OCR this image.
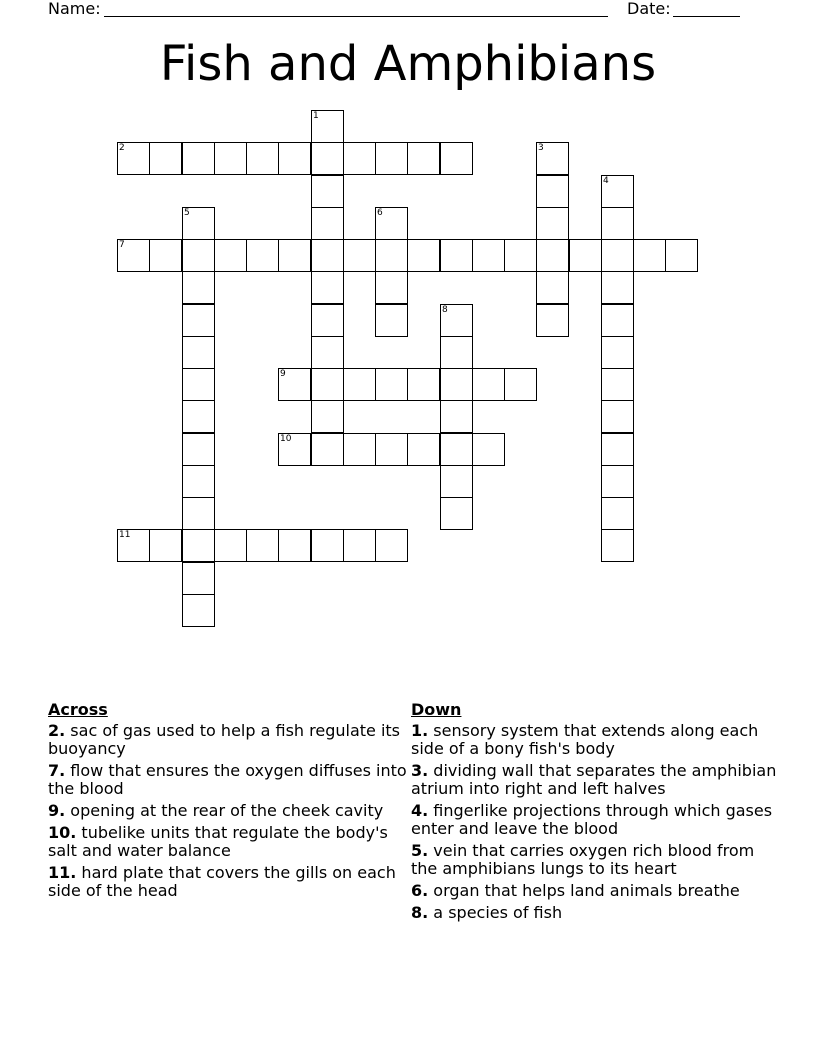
Name:	Date:
Fish and Amphibians
1
2	3
4
5	6
7
8
9
10
11
Across
2. sac of gas used to help a fish regulate its buoyancy
7. flow that ensures the oxygen diffuses into the blood
9. opening at the rear of the cheek cavity
10. tubelike units that regulate the body's salt and water balance
11. hard plate that covers the gills on each side of the head
Down
1. sensory system that extends along each side of a bony fish's body
3. dividing wall that separates the amphibian atrium into right and left halves
4. fingerlike projections through which gases enter and leave the blood
5. vein that carries oxygen rich blood from the amphibians lungs to its heart
6. organ that helps land animals breathe
8. a species of fish
